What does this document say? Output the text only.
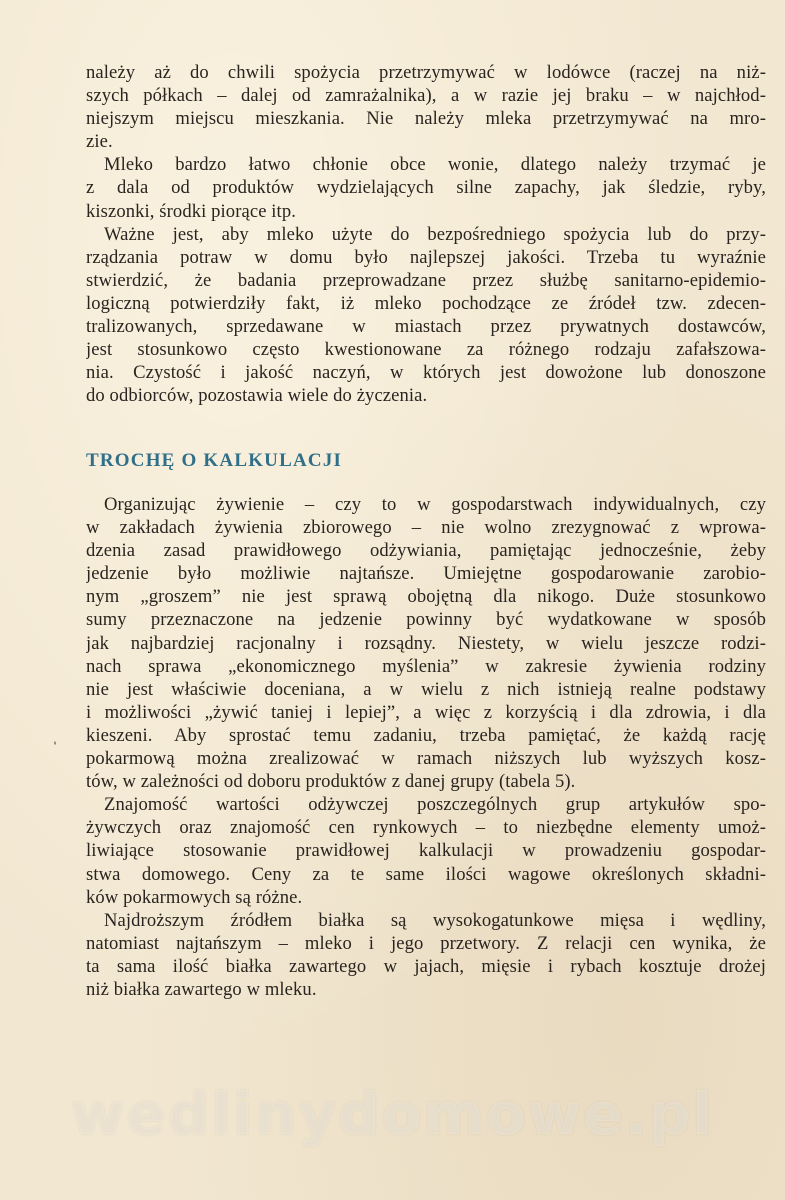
należy aż do chwili spożycia przetrzymywać w lodówce (raczej na niż-
szych półkach – dalej od zamrażalnika), a w razie jej braku – w najchłod-
niejszym miejscu mieszkania. Nie należy mleka przetrzymywać na mro-
zie.
Mleko bardzo łatwo chłonie obce wonie, dlatego należy trzymać je
z dala od produktów wydzielających silne zapachy, jak śledzie, ryby,
kiszonki, środki piorące itp.
Ważne jest, aby mleko użyte do bezpośredniego spożycia lub do przy-
rządzania potraw w domu było najlepszej jakości. Trzeba tu wyraźnie
stwierdzić, że badania przeprowadzane przez służbę sanitarno-epidemio-
logiczną potwierdziły fakt, iż mleko pochodzące ze źródeł tzw. zdecen-
tralizowanych, sprzedawane w miastach przez prywatnych dostawców,
jest stosunkowo często kwestionowane za różnego rodzaju zafałszowa-
nia. Czystość i jakość naczyń, w których jest dowożone lub donoszone
do odbiorców, pozostawia wiele do życzenia.
TROCHĘ O KALKULACJI
Organizując żywienie – czy to w gospodarstwach indywidualnych, czy
w zakładach żywienia zbiorowego – nie wolno zrezygnować z wprowa-
dzenia zasad prawidłowego odżywiania, pamiętając jednocześnie, żeby
jedzenie było możliwie najtańsze. Umiejętne gospodarowanie zarobio-
nym „groszem” nie jest sprawą obojętną dla nikogo. Duże stosunkowo
sumy przeznaczone na jedzenie powinny być wydatkowane w sposób
jak najbardziej racjonalny i rozsądny. Niestety, w wielu jeszcze rodzi-
nach sprawa „ekonomicznego myślenia” w zakresie żywienia rodziny
nie jest właściwie doceniana, a w wielu z nich istnieją realne podstawy
i możliwości „żywić taniej i lepiej”, a więc z korzyścią i dla zdrowia, i dla
kieszeni. Aby sprostać temu zadaniu, trzeba pamiętać, że każdą rację
pokarmową można zrealizować w ramach niższych lub wyższych kosz-
tów, w zależności od doboru produktów z danej grupy (tabela 5).
Znajomość wartości odżywczej poszczególnych grup artykułów spo-
żywczych oraz znajomość cen rynkowych – to niezbędne elementy umoż-
liwiające stosowanie prawidłowej kalkulacji w prowadzeniu gospodar-
stwa domowego. Ceny za te same ilości wagowe określonych składni-
ków pokarmowych są różne.
Najdroższym źródłem białka są wysokogatunkowe mięsa i wędliny,
natomiast najtańszym – mleko i jego przetwory. Z relacji cen wynika, że
ta sama ilość białka zawartego w jajach, mięsie i rybach kosztuje drożej
niż białka zawartego w mleku.
ˈ
wedlinydomowe.pl
